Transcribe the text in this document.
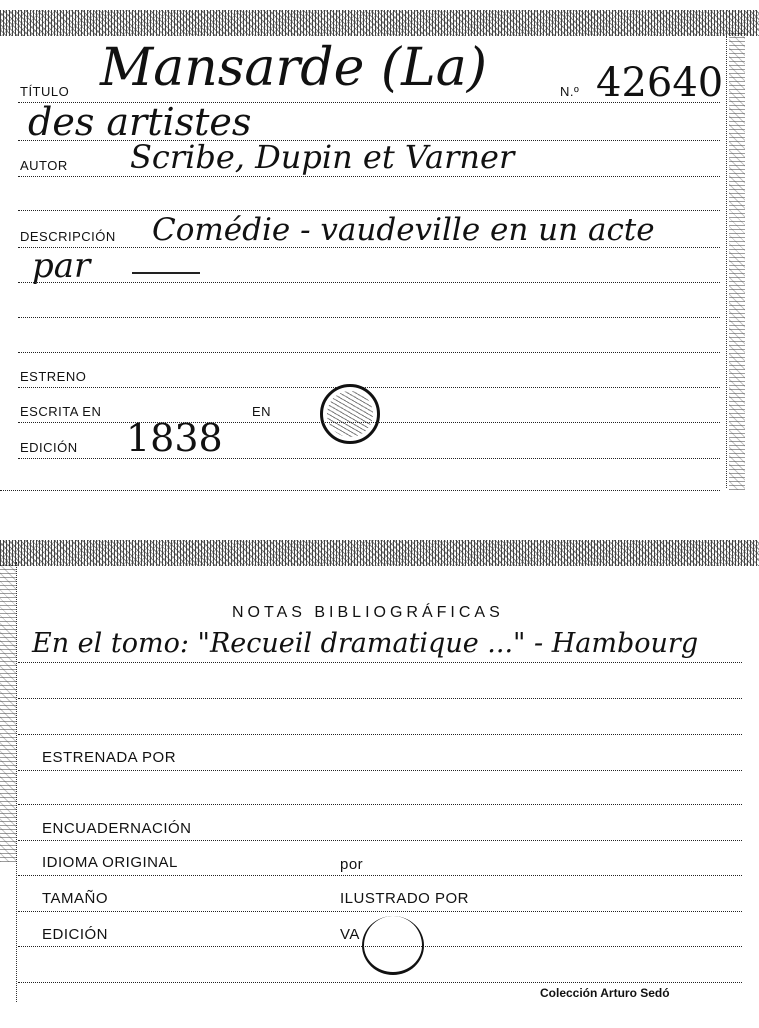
TÍTULO Mansarde (La)	N.º 42640
des artistes
AUTOR Scribe, Dupin et Varner
DESCRIPCIÓN Comédie - vaudeville en un acte
par
ESTRENO
ESCRITA EN	EN
EDICIÓN 1838
NOTAS BIBLIOGRÁFICAS
En el tomo: "Recueil dramatique ..." - Hambourg
ESTRENADA POR
ENCUADERNACIÓN
IDIOMA ORIGINAL	por
TAMAÑO	ILUSTRADO POR
EDICIÓN	VA
Colección Arturo Sedó
